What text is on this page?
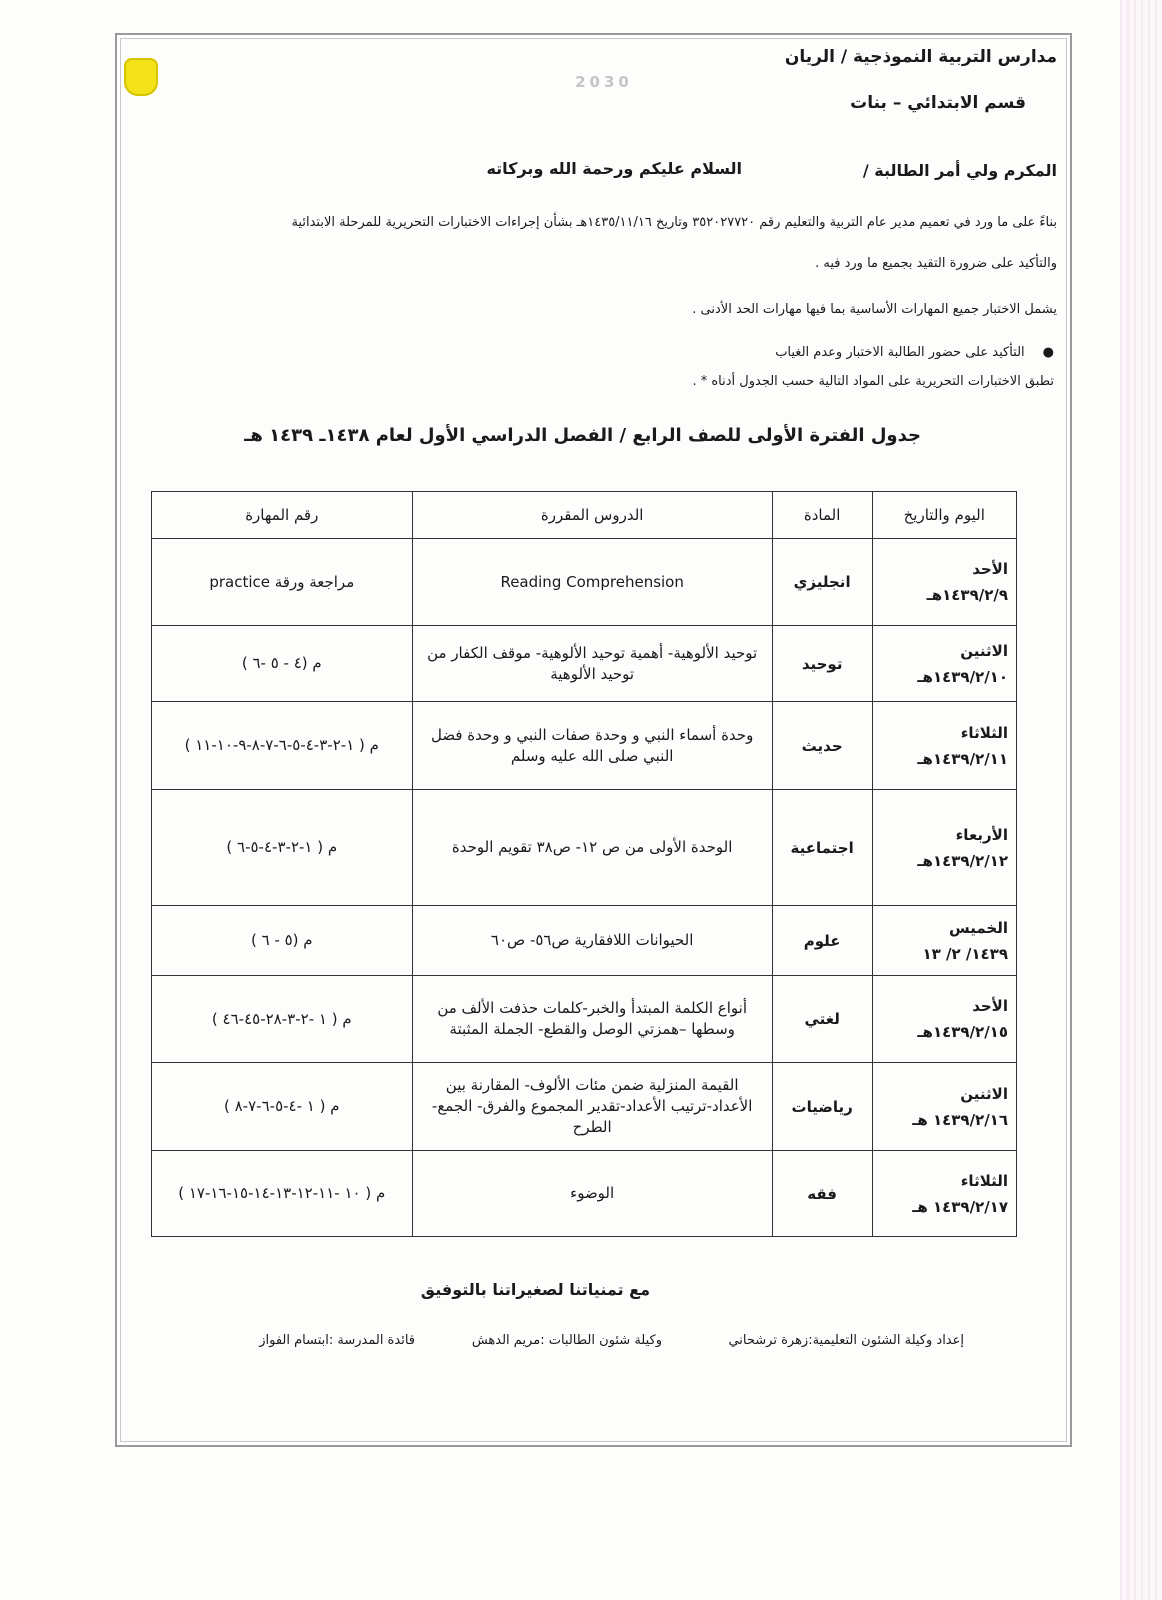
2030
مدارس التربية النموذجية / الريان
قسم الابتدائي – بنات
المكرم ولي أمر الطالبة /
السلام عليكم ورحمة الله وبركاته
بناءً على ما ورد في تعميم مدير عام التربية والتعليم رقم ٣٥٢٠٢٧٧٢٠ وتاريخ ١٤٣٥/١١/١٦هـ بشأن إجراءات الاختبارات التحريرية للمرحلة الابتدائية
والتأكيد على ضرورة التقيد بجميع ما ورد فيه .
يشمل الاختبار جميع المهارات الأساسية بما فيها مهارات الحد الأدنى .
●التأكيد على حضور الطالبة الاختبار وعدم الغياب
تطبق الاختبارات التحريرية على المواد التالية حسب الجدول أدناه * .
جدول الفترة الأولى للصف الرابع / الفصل الدراسي الأول لعام ١٤٣٨ـ ١٤٣٩ هـ
اليوم والتاريخ	المادة	الدروس المقررة	رقم المهارة

الأحد
١٤٣٩/٢/٩هـ	انجليزي	Reading Comprehension	مراجعة ورقة practice

الاثنين
١٤٣٩/٢/١٠هـ	توحيد	توحيد الألوهية- أهمية توحيد الألوهية- موقف الكفار من توحيد الألوهية	م (٤ - ٥ -٦ )

الثلاثاء
١٤٣٩/٢/١١هـ	حديث	وحدة أسماء النبي و وحدة صفات النبي و وحدة فضل النبي صلى الله عليه وسلم	م ( ١-٢-٣-٤-٥-٦-٧-٨-٩-١٠-١١ )

الأربعاء
١٤٣٩/٢/١٢هـ	اجتماعية	الوحدة الأولى من ص ١٢- ص٣٨ تقويم الوحدة	م ( ١-٢-٣-٤-٥-٦ )

الخميس
١٤٣٩/ ٢/ ١٣	علوم	الحيوانات اللافقارية ص٥٦- ص٦٠	م (٥ - ٦ )

الأحد
١٤٣٩/٢/١٥هـ	لغتي	أنواع الكلمة المبتدأ والخبر-كلمات حذفت الألف من وسطها –همزتي الوصل والقطع- الجملة المثبتة	م ( ١ -٢-٣-٢٨-٤٥-٤٦ )

الاثنين
١٤٣٩/٢/١٦ هـ	رياضيات	القيمة المنزلية ضمن مئات الألوف- المقارنة بين الأعداد-ترتيب الأعداد-تقدير المجموع والفرق- الجمع-الطرح	م ( ١ -٤-٥-٦-٧-٨ )

الثلاثاء
١٤٣٩/٢/١٧ هـ	فقه	الوضوء	م ( ١٠ -١١-١٢-١٣-١٤-١٥-١٦-١٧ )
مع تمنياتنا لصغيراتنا بالتوفيق
إعداد وكيلة الشئون التعليمية:زهرة ترشحاني
وكيلة شئون الطالبات :مريم الدهش
قائدة المدرسة :ابتسام الفواز
